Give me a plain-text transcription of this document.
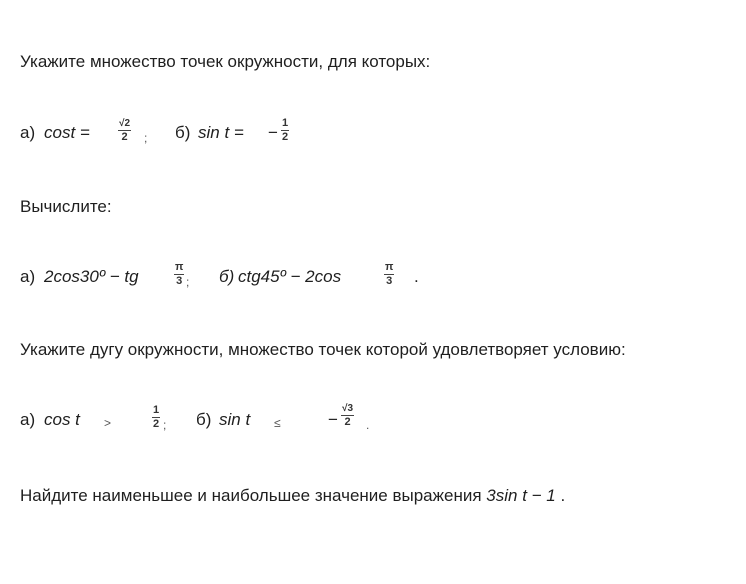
Укажите множество точек окружности, для которых:
а) cost =	√2
2 ; б) sin t = − 1
2
Вычислите:
а) 2cos30º − tg	π
3 ; б) ctg45º − 2cos	π
3 .
Укажите дугу окружности, множество точек которой удовлетворяет условию:
а) cos t >
1
2 ; б) sin t ≤	−
√3
2 .
Найдите наименьшее и наибольшее значение выражения 3sin t − 1 .
